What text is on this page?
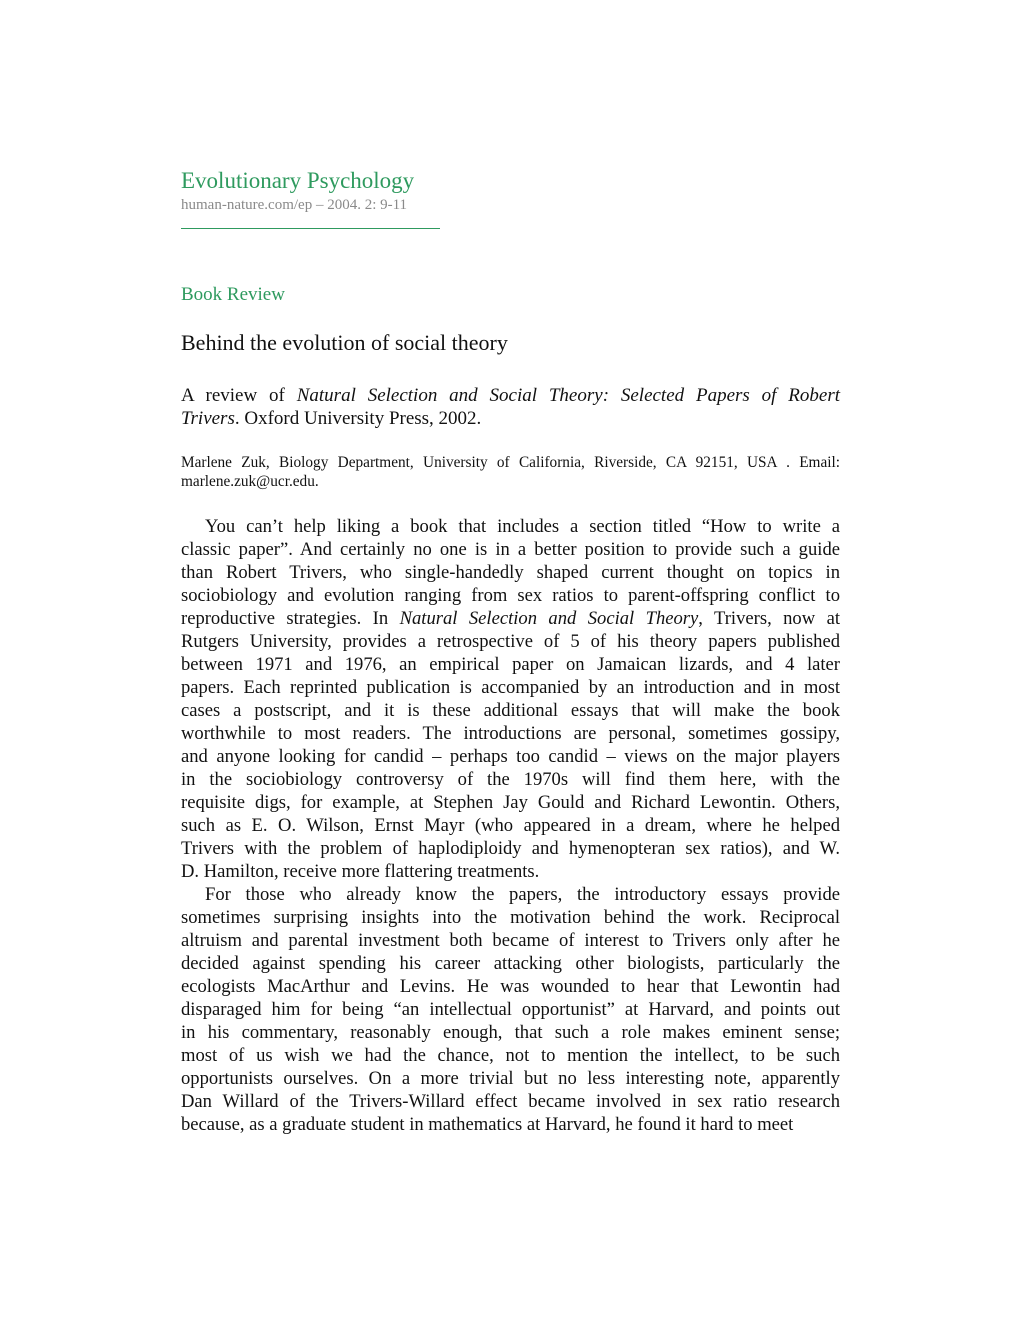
Evolutionary Psychology
human-nature.com/ep – 2004. 2: 9-11
Book Review
Behind the evolution of social theory
A review of Natural Selection and Social Theory: Selected Papers of Robert
Trivers. Oxford University Press, 2002.
Marlene Zuk, Biology Department, University of California, Riverside, CA 92151, USA . Email:
marlene.zuk@ucr.edu.
You can’t help liking a book that includes a section titled “How to write a
classic paper”. And certainly no one is in a better position to provide such a guide
than Robert Trivers, who single-handedly shaped current thought on topics in
sociobiology and evolution ranging from sex ratios to parent-offspring conflict to
reproductive strategies. In Natural Selection and Social Theory, Trivers, now at
Rutgers University, provides a retrospective of 5 of his theory papers published
between 1971 and 1976, an empirical paper on Jamaican lizards, and 4 later
papers. Each reprinted publication is accompanied by an introduction and in most
cases a postscript, and it is these additional essays that will make the book
worthwhile to most readers. The introductions are personal, sometimes gossipy,
and anyone looking for candid – perhaps too candid – views on the major players
in the sociobiology controversy of the 1970s will find them here, with the
requisite digs, for example, at Stephen Jay Gould and Richard Lewontin. Others,
such as E. O. Wilson, Ernst Mayr (who appeared in a dream, where he helped
Trivers with the problem of haplodiploidy and hymenopteran sex ratios), and W.
D. Hamilton, receive more flattering treatments.
For those who already know the papers, the introductory essays provide
sometimes surprising insights into the motivation behind the work. Reciprocal
altruism and parental investment both became of interest to Trivers only after he
decided against spending his career attacking other biologists, particularly the
ecologists MacArthur and Levins. He was wounded to hear that Lewontin had
disparaged him for being “an intellectual opportunist” at Harvard, and points out
in his commentary, reasonably enough, that such a role makes eminent sense;
most of us wish we had the chance, not to mention the intellect, to be such
opportunists ourselves. On a more trivial but no less interesting note, apparently
Dan Willard of the Trivers-Willard effect became involved in sex ratio research
because, as a graduate student in mathematics at Harvard, he found it hard to meet
